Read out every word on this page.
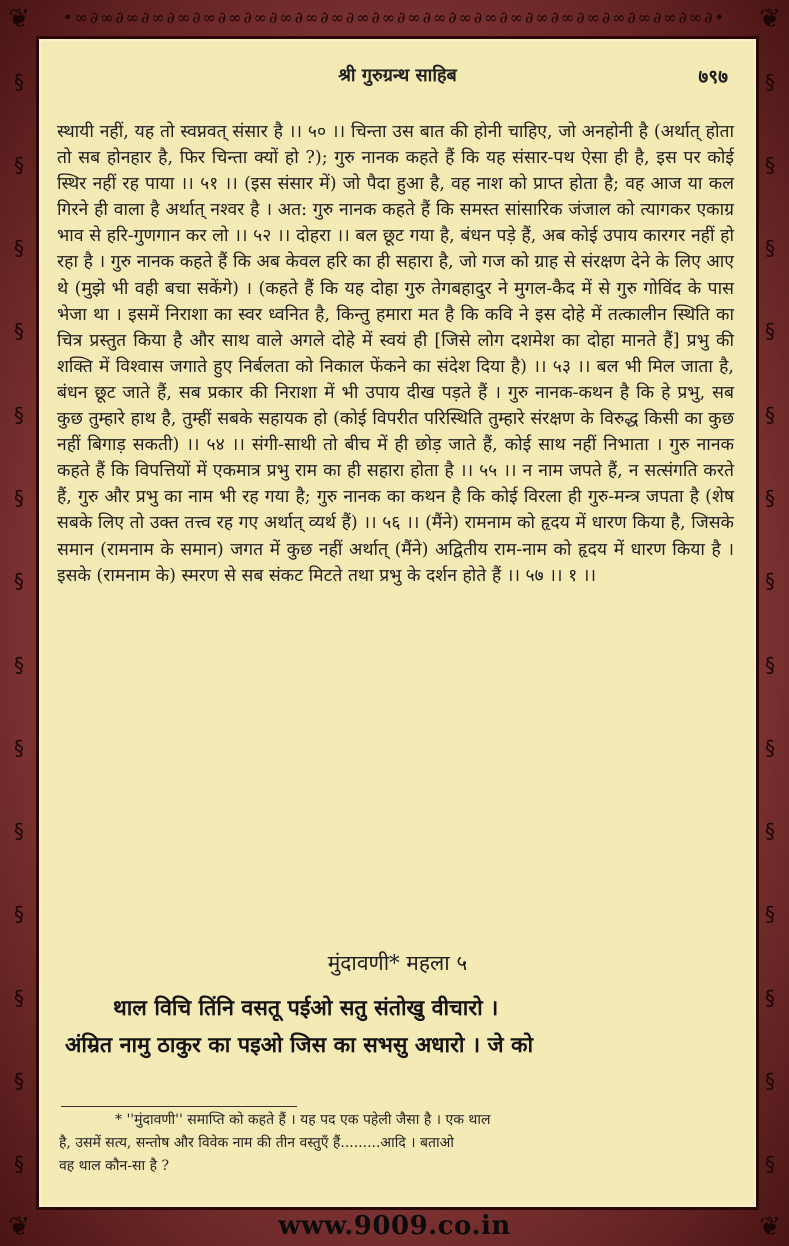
•∞∂∞∂∞∂∞∂∞∂∞∂∞∂∞∂∞∂∞∂∞∂∞∂∞∂∞∂∞∂∞∂∞∂∞∂∞∂∞∂∞∂∞∂∞∂∞∂∞∂•
§
§
§
§
§
§
§
§
§
§
§
§
§
§
§
§
§
§
§
§
§
§
§
§
§
§
§
§
❦	❦
❦	❦
www.9009.co.in
श्री गुरुग्रन्थ साहिब	७९७

स्थायी नहीं, यह तो स्वप्नवत् संसार है ।। ५० ।। चिन्ता उस बात की होनी चाहिए, जो अनहोनी है (अर्थात् होता तो सब होनहार है, फिर चिन्ता क्यों हो ?); गुरु नानक कहते हैं कि यह संसार-पथ ऐसा ही है, इस पर कोई स्थिर नहीं रह पाया ।। ५१ ।। (इस संसार में) जो पैदा हुआ है, वह नाश को प्राप्त होता है; वह आज या कल गिरने ही वाला है अर्थात् नश्वर है । अत: गुरु नानक कहते हैं कि समस्त सांसारिक जंजाल को त्यागकर एकाग्र भाव से हरि-गुणगान कर लो ।। ५२ ।। दोहरा ।। बल छूट गया है, बंधन पड़े हैं, अब कोई उपाय कारगर नहीं हो रहा है । गुरु नानक कहते हैं कि अब केवल हरि का ही सहारा है, जो गज को ग्राह से संरक्षण देने के लिए आए थे (मुझे भी वही बचा सकेंगे) । (कहते हैं कि यह दोहा गुरु तेगबहादुर ने मुगल-कैद में से गुरु गोविंद के पास भेजा था । इसमें निराशा का स्वर ध्वनित है, किन्तु हमारा मत है कि कवि ने इस दोहे में तत्कालीन स्थिति का चित्र प्रस्तुत किया है और साथ वाले अगले दोहे में स्वयं ही [जिसे लोग दशमेश का दोहा मानते हैं] प्रभु की शक्ति में विश्वास जगाते हुए निर्बलता को निकाल फेंकने का संदेश दिया है) ।। ५३ ।। बल भी मिल जाता है, बंधन छूट जाते हैं, सब प्रकार की निराशा में भी उपाय दीख पड़ते हैं । गुरु नानक-कथन है कि हे प्रभु, सब कुछ तुम्हारे हाथ है, तुम्हीं सबके सहायक हो (कोई विपरीत परिस्थिति तुम्हारे संरक्षण के विरुद्ध किसी का कुछ नहीं बिगाड़ सकती) ।। ५४ ।। संगी-साथी तो बीच में ही छोड़ जाते हैं, कोई साथ नहीं निभाता । गुरु नानक कहते हैं कि विपत्तियों में एकमात्र प्रभु राम का ही सहारा होता है ।। ५५ ।। न नाम जपते हैं, न सत्संगति करते हैं, गुरु और प्रभु का नाम भी रह गया है; गुरु नानक का कथन है कि कोई विरला ही गुरु-मन्त्र जपता है (शेष सबके लिए तो उक्त तत्त्व रह गए अर्थात् व्यर्थ हैं) ।। ५६ ।। (मैंने) रामनाम को हृदय में धारण किया है, जिसके समान (रामनाम के समान) जगत में कुछ नहीं अर्थात् (मैंने) अद्वितीय राम-नाम को हृदय में धारण किया है । इसके (रामनाम के) स्मरण से सब संकट मिटते तथा प्रभु के दर्शन होते हैं ।। ५७ ।। १ ।।

मुंदावणी* महला ५
थाल विचि तिंनि वसतू पईओ सतु संतोखु वीचारो ।
अंम्रित नामु ठाकुर का पइओ जिस का सभसु अधारो । जे को
* ''मुंदावणी'' समाप्ति को कहते हैं । यह पद एक पहेली जैसा है । एक थाल
है, उसमें सत्य, सन्तोष और विवेक नाम की तीन वस्तुएँ हैं.........आदि । बताओ
वह थाल कौन-सा है ?
